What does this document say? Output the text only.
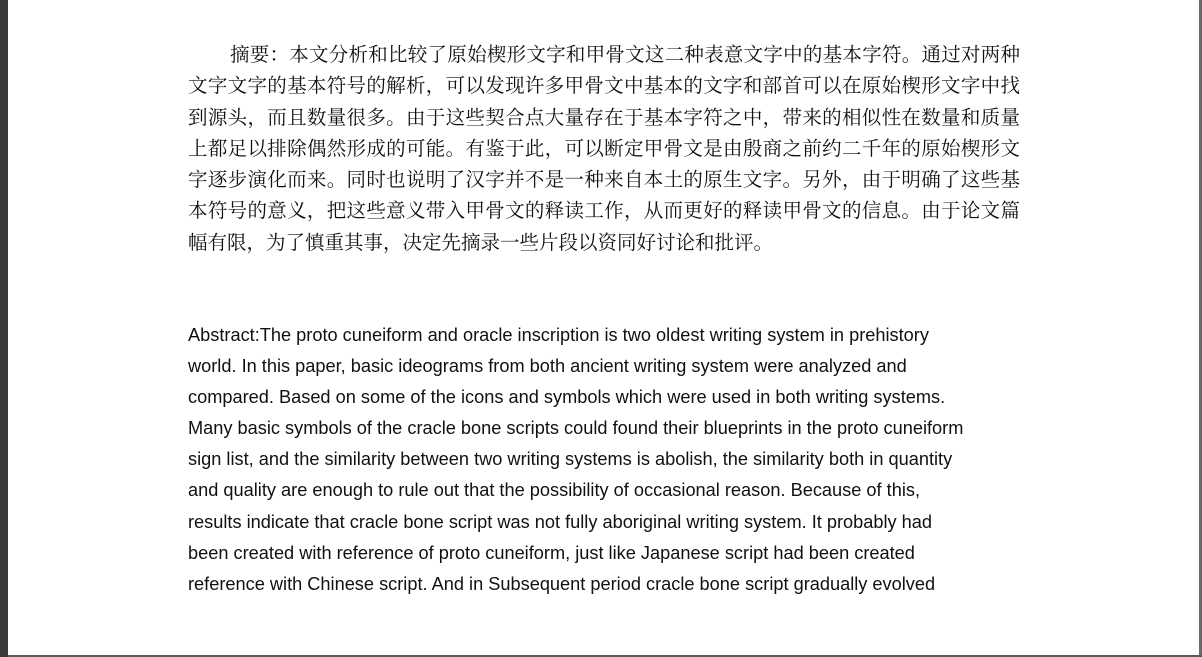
摘要：本文分析和比较了原始楔形文字和甲骨文这二种表意文字中的基本字符。通过对两种文字文字的基本符号的解析，可以发现许多甲骨文中基本的文字和部首可以在原始楔形文字中找到源头，而且数量很多。由于这些契合点大量存在于基本字符之中，带来的相似性在数量和质量上都足以排除偶然形成的可能。有鉴于此，可以断定甲骨文是由殷商之前约二千年的原始楔形文字逐步演化而来。同时也说明了汉字并不是一种来自本土的原生文字。另外，由于明确了这些基本符号的意义，把这些意义带入甲骨文的释读工作，从而更好的释读甲骨文的信息。由于论文篇幅有限，为了慎重其事，决定先摘录一些片段以资同好讨论和批评。

Abstract:The proto cuneiform and oracle inscription is two oldest writing system in prehistory
world. In this paper, basic ideograms from both ancient writing system were analyzed and
compared. Based on some of the icons and symbols which were used in both writing systems.
Many basic symbols of the cracle bone scripts could found their blueprints in the proto cuneiform
sign list, and the similarity between two writing systems is abolish, the similarity both in quantity
and quality are enough to rule out that the possibility of occasional reason. Because of this,
results indicate that cracle bone script was not fully aboriginal writing system. It probably had
been created with reference of proto cuneiform, just like Japanese script had been created
reference with Chinese script. And in Subsequent period cracle bone script gradually evolved
